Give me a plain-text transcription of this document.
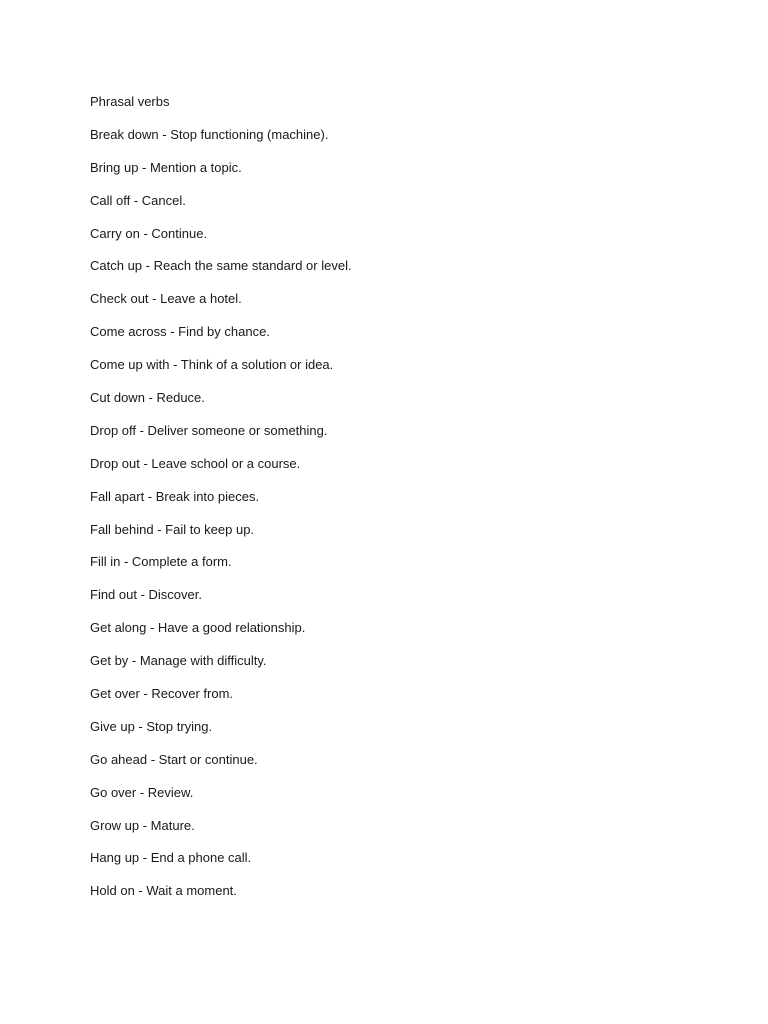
Phrasal verbs
Break down - Stop functioning (machine).
Bring up - Mention a topic.
Call off - Cancel.
Carry on - Continue.
Catch up - Reach the same standard or level.
Check out - Leave a hotel.
Come across - Find by chance.
Come up with - Think of a solution or idea.
Cut down - Reduce.
Drop off - Deliver someone or something.
Drop out - Leave school or a course.
Fall apart - Break into pieces.
Fall behind - Fail to keep up.
Fill in - Complete a form.
Find out - Discover.
Get along - Have a good relationship.
Get by - Manage with difficulty.
Get over - Recover from.
Give up - Stop trying.
Go ahead - Start or continue.
Go over - Review.
Grow up - Mature.
Hang up - End a phone call.
Hold on - Wait a moment.
